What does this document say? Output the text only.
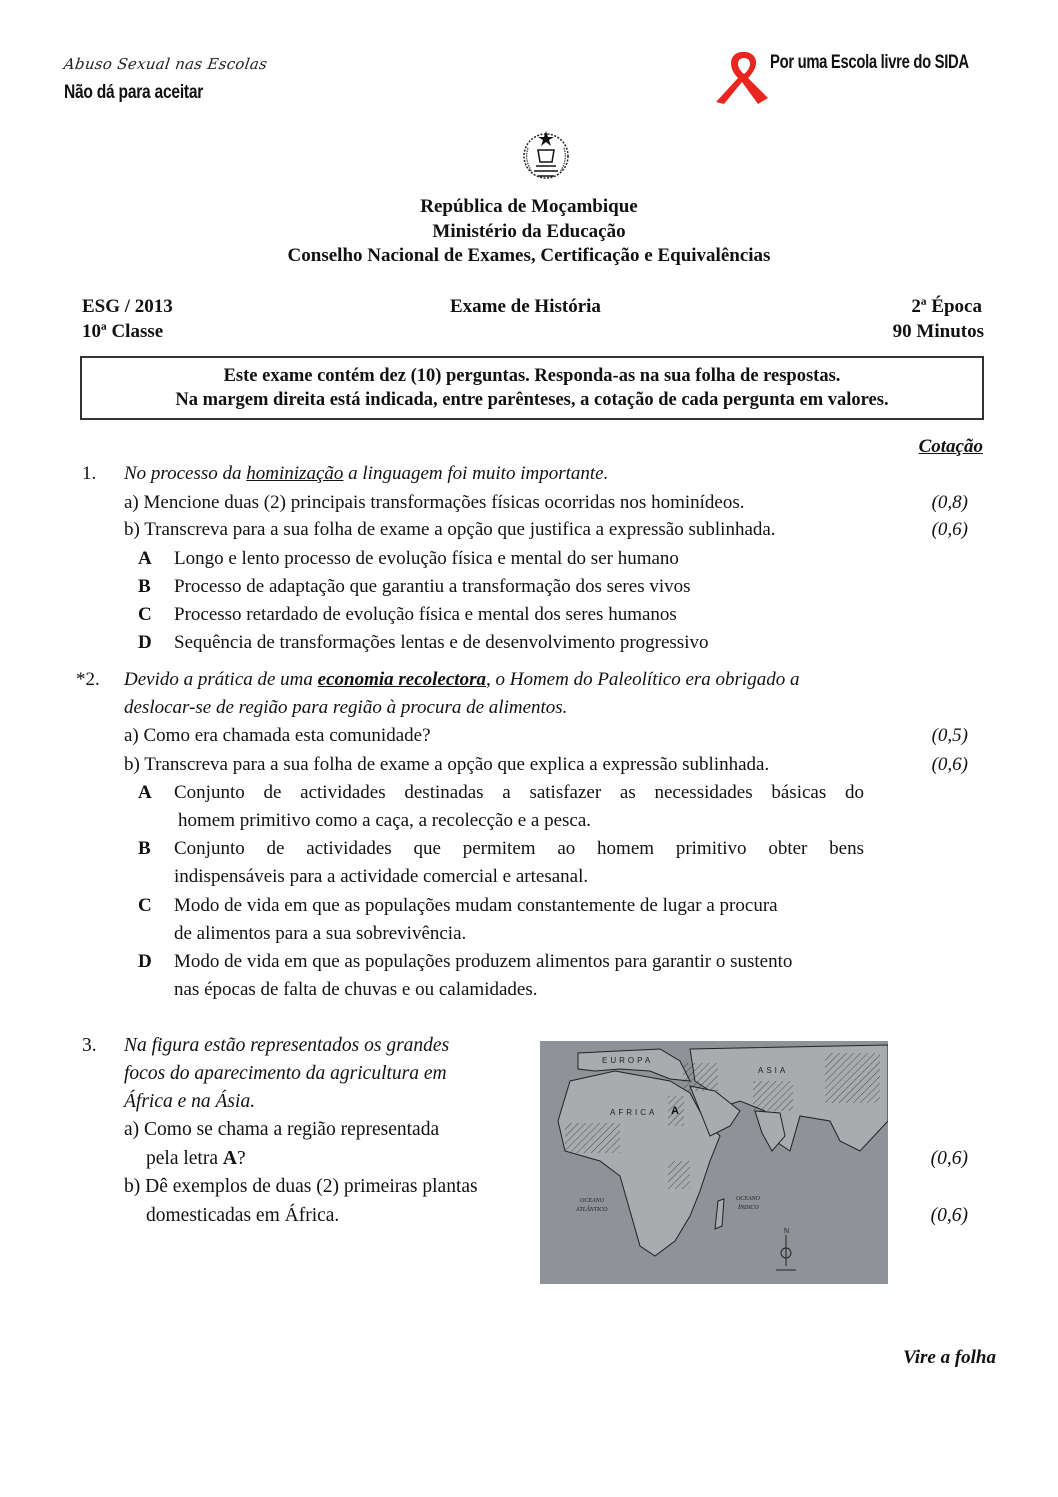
Abuso Sexual nas Escolas
Não dá para aceitar
Por uma Escola livre do SIDA
República de Moçambique
Ministério da Educação
Conselho Nacional de Exames, Certificação e Equivalências
ESG / 2013
10ª Classe
Exame de História	2ª Época
90 Minutos
Este exame contém dez (10) perguntas. Responda-as na sua folha de respostas.
Na margem direita está indicada, entre parênteses, a cotação de cada pergunta em valores.
Cotação
1. No processo da hominização a linguagem foi muito importante.
a) Mencione duas (2) principais transformações físicas ocorridas nos hominídeos.	(0,8)
b) Transcreva para a sua folha de exame a opção que justifica a expressão sublinhada.	(0,6)
A Longo e lento processo de evolução física e mental do ser humano
B Processo de adaptação que garantiu a transformação dos seres vivos
C Processo retardado de evolução física e mental dos seres humanos
D Sequência de transformações lentas e de desenvolvimento progressivo
*2. Devido a prática de uma economia recolectora, o Homem do Paleolítico era obrigado a
deslocar-se de região para região à procura de alimentos.
a) Como era chamada esta comunidade?	(0,5)
b) Transcreva para a sua folha de exame a opção que explica a expressão sublinhada.	(0,6)
A Conjunto de actividades destinadas a satisfazer as necessidades básicas do
homem primitivo como a caça, a recolecção e a pesca.
B Conjunto de actividades que permitem ao homem primitivo obter bens
indispensáveis para a actividade comercial e artesanal.
C Modo de vida em que as populações mudam constantemente de lugar a procura
de alimentos para a sua sobrevivência.
D Modo de vida em que as populações produzem alimentos para garantir o sustento
nas épocas de falta de chuvas e ou calamidades.
3. Na figura estão representados os grandes
focos do aparecimento da agricultura em
África e na Ásia.
a) Como se chama a região representada
pela letra A?	(0,6)
b) Dê exemplos de duas (2) primeiras plantas
domesticadas em África.	(0,6)
EUROPA
ASIA
AFRICA A
OCEANO
ATLÂNTICO
OCEANO
ÍNDICO
N
Vire a folha
